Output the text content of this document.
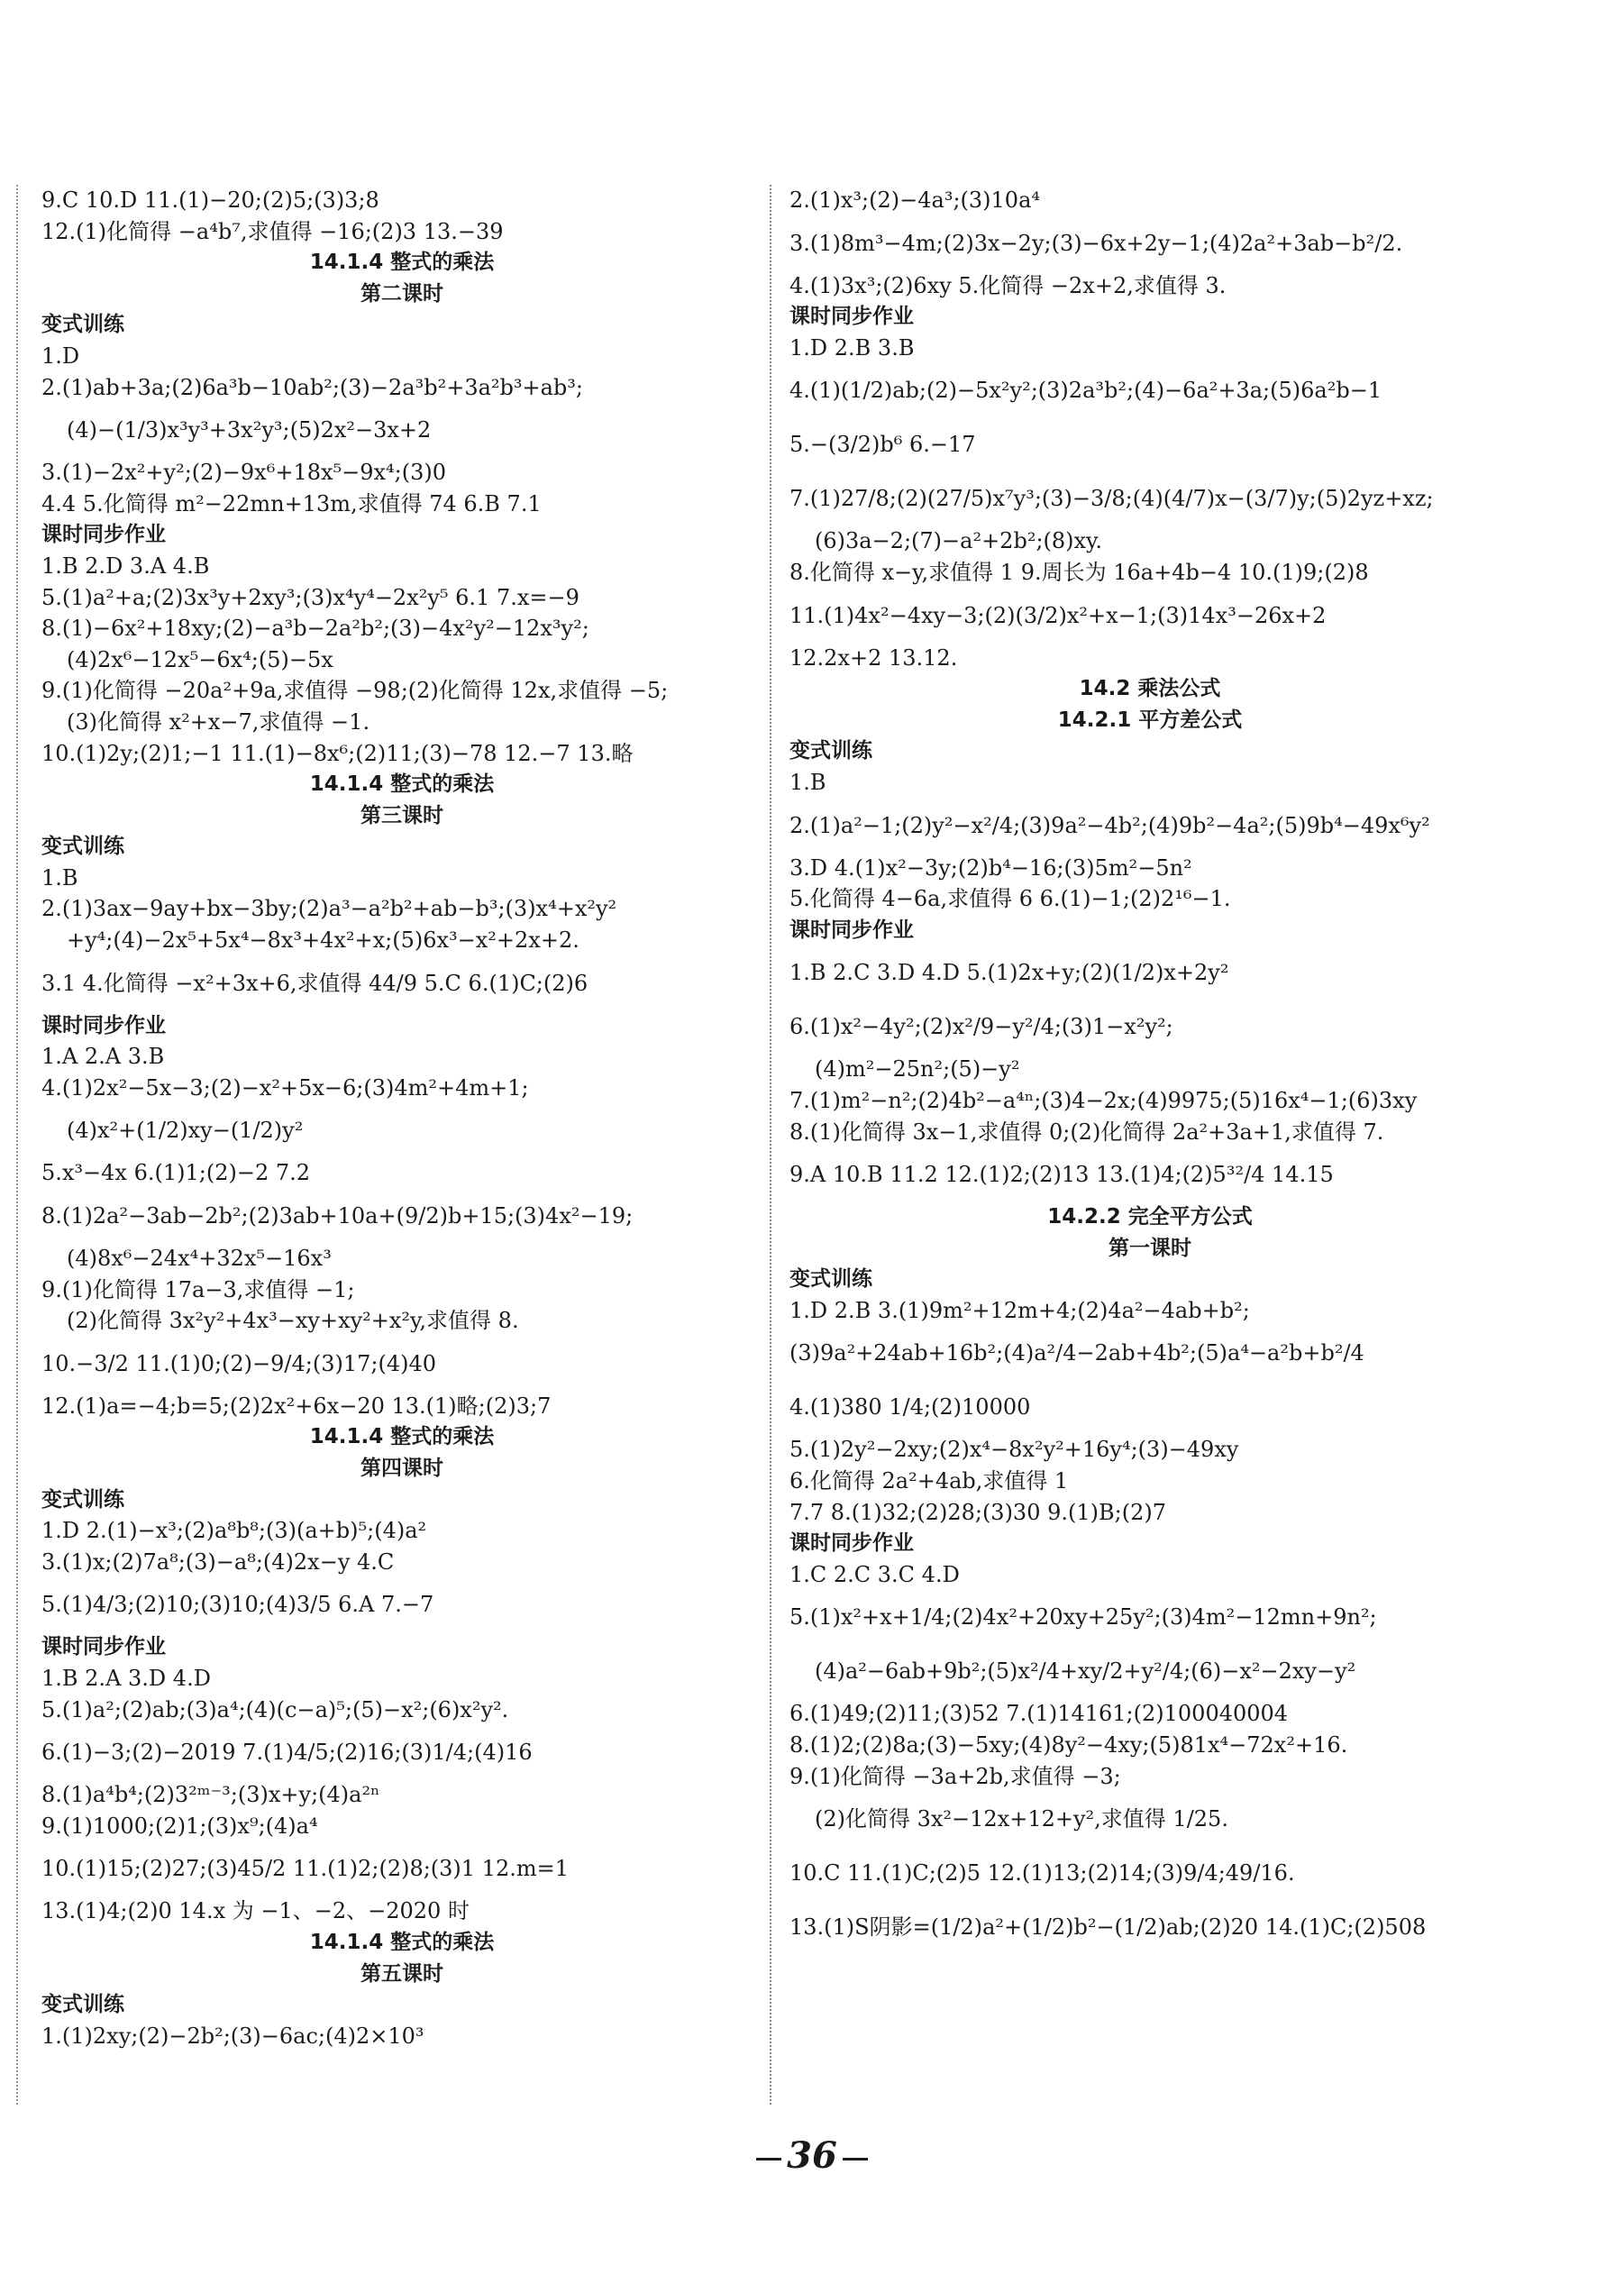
9.C 10.D 11.(1)−20;(2)5;(3)3;8
12.(1)化简得 −a⁴b⁷,求值得 −16;(2)3 13.−39
14.1.4 整式的乘法
第二课时
变式训练
1.D
2.(1)ab+3a;(2)6a³b−10ab²;(3)−2a³b²+3a²b³+ab³;
(4)−(1/3)x³y³+3x²y³;(5)2x²−3x+2
3.(1)−2x²+y²;(2)−9x⁶+18x⁵−9x⁴;(3)0
4.4 5.化简得 m²−22mn+13m,求值得 74 6.B 7.1
课时同步作业
1.B 2.D 3.A 4.B
5.(1)a²+a;(2)3x³y+2xy³;(3)x⁴y⁴−2x²y⁵ 6.1 7.x=−9
8.(1)−6x²+18xy;(2)−a³b−2a²b²;(3)−4x²y²−12x³y²;
(4)2x⁶−12x⁵−6x⁴;(5)−5x
9.(1)化简得 −20a²+9a,求值得 −98;(2)化简得 12x,求值得 −5;
(3)化简得 x²+x−7,求值得 −1.
10.(1)2y;(2)1;−1 11.(1)−8x⁶;(2)11;(3)−78 12.−7 13.略
14.1.4 整式的乘法
第三课时
变式训练
1.B
2.(1)3ax−9ay+bx−3by;(2)a³−a²b²+ab−b³;(3)x⁴+x²y²
+y⁴;(4)−2x⁵+5x⁴−8x³+4x²+x;(5)6x³−x²+2x+2.
3.1 4.化简得 −x²+3x+6,求值得 44/9 5.C 6.(1)C;(2)6
课时同步作业
1.A 2.A 3.B
4.(1)2x²−5x−3;(2)−x²+5x−6;(3)4m²+4m+1;
(4)x²+(1/2)xy−(1/2)y²
5.x³−4x 6.(1)1;(2)−2 7.2
8.(1)2a²−3ab−2b²;(2)3ab+10a+(9/2)b+15;(3)4x²−19;
(4)8x⁶−24x⁴+32x⁵−16x³
9.(1)化简得 17a−3,求值得 −1;
(2)化简得 3x²y²+4x³−xy+xy²+x²y,求值得 8.
10.−3/2 11.(1)0;(2)−9/4;(3)17;(4)40
12.(1)a=−4;b=5;(2)2x²+6x−20 13.(1)略;(2)3;7
14.1.4 整式的乘法
第四课时
变式训练
1.D 2.(1)−x³;(2)a⁸b⁸;(3)(a+b)⁵;(4)a²
3.(1)x;(2)7a⁸;(3)−a⁸;(4)2x−y 4.C
5.(1)4/3;(2)10;(3)10;(4)3/5 6.A 7.−7
课时同步作业
1.B 2.A 3.D 4.D
5.(1)a²;(2)ab;(3)a⁴;(4)(c−a)⁵;(5)−x²;(6)x²y².
6.(1)−3;(2)−2019 7.(1)4/5;(2)16;(3)1/4;(4)16
8.(1)a⁴b⁴;(2)3²ᵐ⁻³;(3)x+y;(4)a²ⁿ
9.(1)1000;(2)1;(3)x⁹;(4)a⁴
10.(1)15;(2)27;(3)45/2 11.(1)2;(2)8;(3)1 12.m=1
13.(1)4;(2)0 14.x 为 −1、−2、−2020 时
14.1.4 整式的乘法
第五课时
变式训练
1.(1)2xy;(2)−2b²;(3)−6ac;(4)2×10³
2.(1)x³;(2)−4a³;(3)10a⁴
3.(1)8m³−4m;(2)3x−2y;(3)−6x+2y−1;(4)2a²+3ab−b²/2.
4.(1)3x³;(2)6xy 5.化简得 −2x+2,求值得 3.
课时同步作业
1.D 2.B 3.B
4.(1)(1/2)ab;(2)−5x²y²;(3)2a³b²;(4)−6a²+3a;(5)6a²b−1
5.−(3/2)b⁶ 6.−17
7.(1)27/8;(2)(27/5)x⁷y³;(3)−3/8;(4)(4/7)x−(3/7)y;(5)2yz+xz;
(6)3a−2;(7)−a²+2b²;(8)xy.
8.化简得 x−y,求值得 1 9.周长为 16a+4b−4 10.(1)9;(2)8
11.(1)4x²−4xy−3;(2)(3/2)x²+x−1;(3)14x³−26x+2
12.2x+2 13.12.
14.2 乘法公式
14.2.1 平方差公式
变式训练
1.B
2.(1)a²−1;(2)y²−x²/4;(3)9a²−4b²;(4)9b²−4a²;(5)9b⁴−49x⁶y²
3.D 4.(1)x²−3y;(2)b⁴−16;(3)5m²−5n²
5.化简得 4−6a,求值得 6 6.(1)−1;(2)2¹⁶−1.
课时同步作业
1.B 2.C 3.D 4.D 5.(1)2x+y;(2)(1/2)x+2y²
6.(1)x²−4y²;(2)x²/9−y²/4;(3)1−x²y²;
(4)m²−25n²;(5)−y²
7.(1)m²−n²;(2)4b²−a⁴ⁿ;(3)4−2x;(4)9975;(5)16x⁴−1;(6)3xy
8.(1)化简得 3x−1,求值得 0;(2)化简得 2a²+3a+1,求值得 7.
9.A 10.B 11.2 12.(1)2;(2)13 13.(1)4;(2)5³²/4 14.15
14.2.2 完全平方公式
第一课时
变式训练
1.D 2.B 3.(1)9m²+12m+4;(2)4a²−4ab+b²;
(3)9a²+24ab+16b²;(4)a²/4−2ab+4b²;(5)a⁴−a²b+b²/4
4.(1)380 1/4;(2)10000
5.(1)2y²−2xy;(2)x⁴−8x²y²+16y⁴;(3)−49xy
6.化简得 2a²+4ab,求值得 1
7.7 8.(1)32;(2)28;(3)30 9.(1)B;(2)7
课时同步作业
1.C 2.C 3.C 4.D
5.(1)x²+x+1/4;(2)4x²+20xy+25y²;(3)4m²−12mn+9n²;
(4)a²−6ab+9b²;(5)x²/4+xy/2+y²/4;(6)−x²−2xy−y²
6.(1)49;(2)11;(3)52 7.(1)14161;(2)100040004
8.(1)2;(2)8a;(3)−5xy;(4)8y²−4xy;(5)81x⁴−72x²+16.
9.(1)化简得 −3a+2b,求值得 −3;
(2)化简得 3x²−12x+12+y²,求值得 1/25.
10.C 11.(1)C;(2)5 12.(1)13;(2)14;(3)9/4;49/16.
13.(1)S阴影=(1/2)a²+(1/2)b²−(1/2)ab;(2)20 14.(1)C;(2)508
36
